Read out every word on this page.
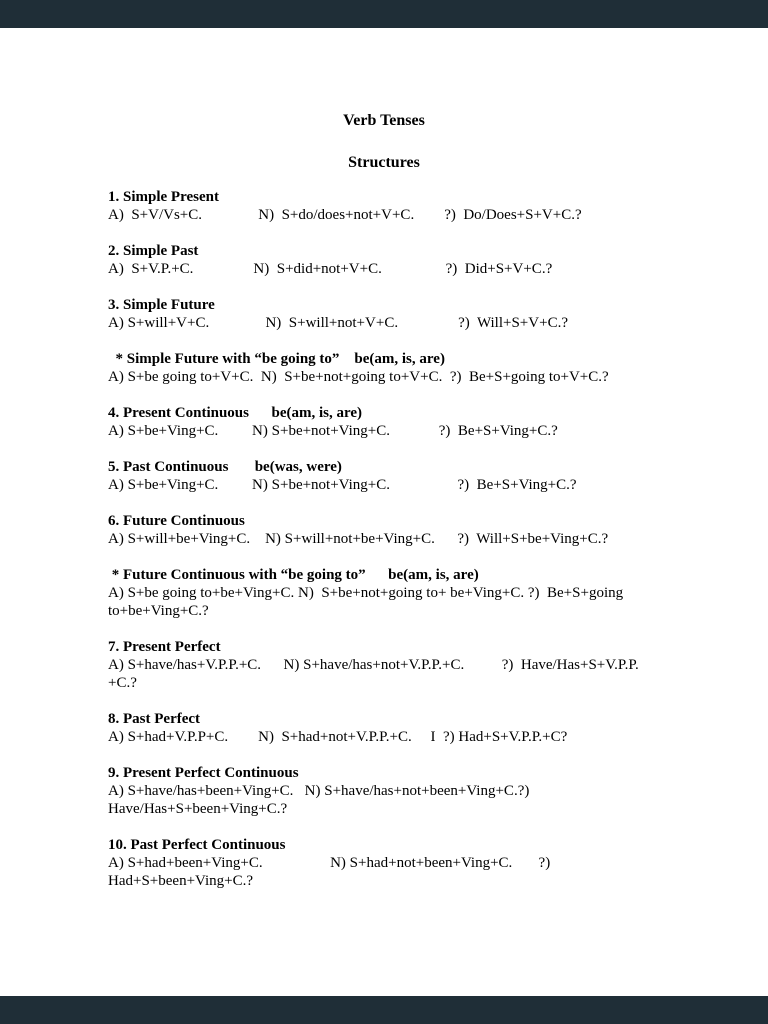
Verb Tenses
Structures
1. Simple Present
A)  S+V/Vs+C.               N)  S+do/does+not+V+C.        ?)  Do/Does+S+V+C.?
2. Simple Past
A)  S+V.P.+C.                N)  S+did+not+V+C.                 ?)  Did+S+V+C.?
3. Simple Future
A) S+will+V+C.               N)  S+will+not+V+C.                ?)  Will+S+V+C.?
* Simple Future with “be going to”    be(am, is, are)
A) S+be going to+V+C.  N)  S+be+not+going to+V+C.  ?)  Be+S+going to+V+C.?
4. Present Continuous      be(am, is, are)
A) S+be+Ving+C.         N) S+be+not+Ving+C.             ?)  Be+S+Ving+C.?
5. Past Continuous       be(was, were)
A) S+be+Ving+C.         N) S+be+not+Ving+C.                  ?)  Be+S+Ving+C.?
6. Future Continuous
A) S+will+be+Ving+C.    N) S+will+not+be+Ving+C.      ?)  Will+S+be+Ving+C.?
* Future Continuous with “be going to”      be(am, is, are)
A) S+be going to+be+Ving+C. N)  S+be+not+going to+ be+Ving+C. ?)  Be+S+going
to+be+Ving+C.?
7. Present Perfect
A) S+have/has+V.P.P.+C.      N) S+have/has+not+V.P.P.+C.          ?)  Have/Has+S+V.P.P.
+C.?
8. Past Perfect
A) S+had+V.P.P+C.        N)  S+had+not+V.P.P.+C.     I  ?) Had+S+V.P.P.+C?
9. Present Perfect Continuous
A) S+have/has+been+Ving+C.   N) S+have/has+not+been+Ving+C.?)
Have/Has+S+been+Ving+C.?
10. Past Perfect Continuous
A) S+had+been+Ving+C.                  N) S+had+not+been+Ving+C.       ?)
Had+S+been+Ving+C.?
